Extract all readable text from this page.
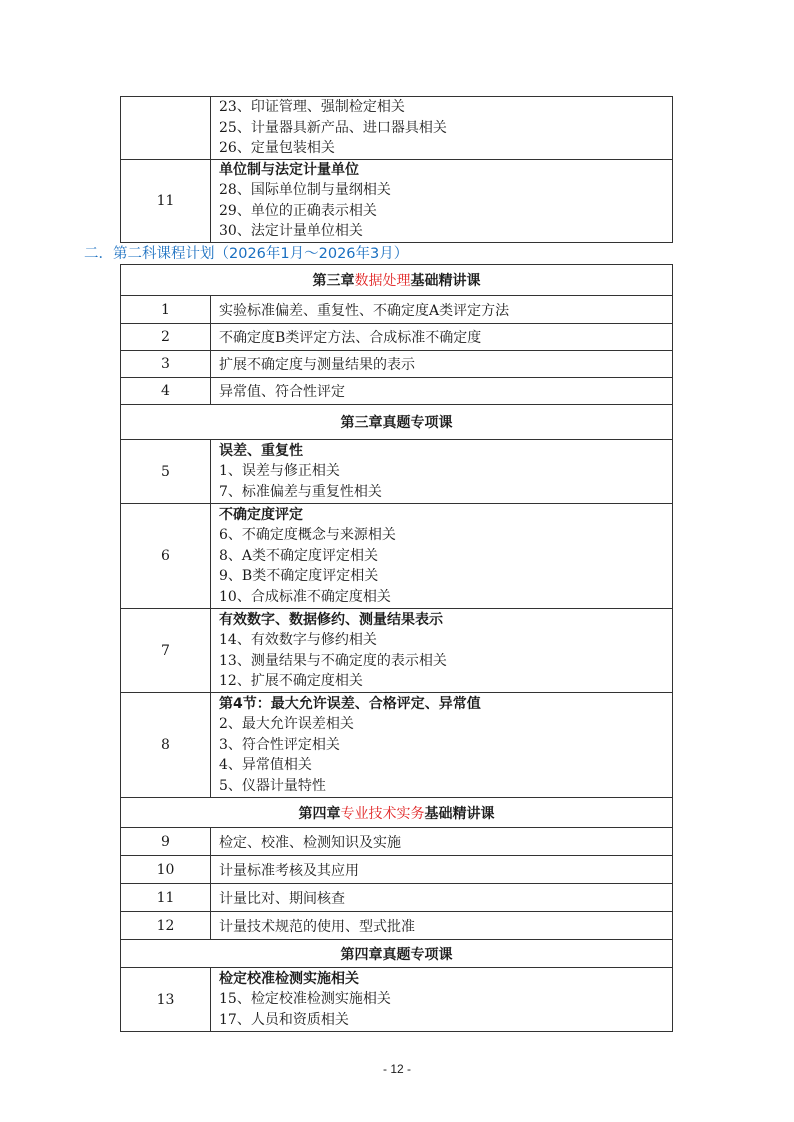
	23、印证管理、强制检定相关
25、计量器具新产品、进口器具相关
26、定量包装相关

11	单位制与法定计量单位
28、国际单位制与量纲相关
29、单位的正确表示相关
30、法定计量单位相关
二．第二科课程计划（2026年1月～2026年3月）
第三章数据处理基础精讲课	
1	实验标准偏差、重复性、不确定度A类评定方法
2	不确定度B类评定方法、合成标准不确定度
3	扩展不确定度与测量结果的表示
4	异常值、符合性评定
第三章真题专项课	
5	误差、重复性
1、误差与修正相关
7、标准偏差与重复性相关

6	不确定度评定
6、不确定度概念与来源相关
8、A类不确定度评定相关
9、B类不确定度评定相关
10、合成标准不确定度相关

7	有效数字、数据修约、测量结果表示
14、有效数字与修约相关
13、测量结果与不确定度的表示相关
12、扩展不确定度相关

8	第4节：最大允许误差、合格评定、异常值
2、最大允许误差相关
3、符合性评定相关
4、异常值相关
5、仪器计量特性

第四章专业技术实务基础精讲课	
9	检定、校准、检测知识及实施
10	计量标准考核及其应用
11	计量比对、期间核查
12	计量技术规范的使用、型式批准
第四章真题专项课	
13	检定校准检测实施相关
15、检定校准检测实施相关
17、人员和资质相关
- 12 -
